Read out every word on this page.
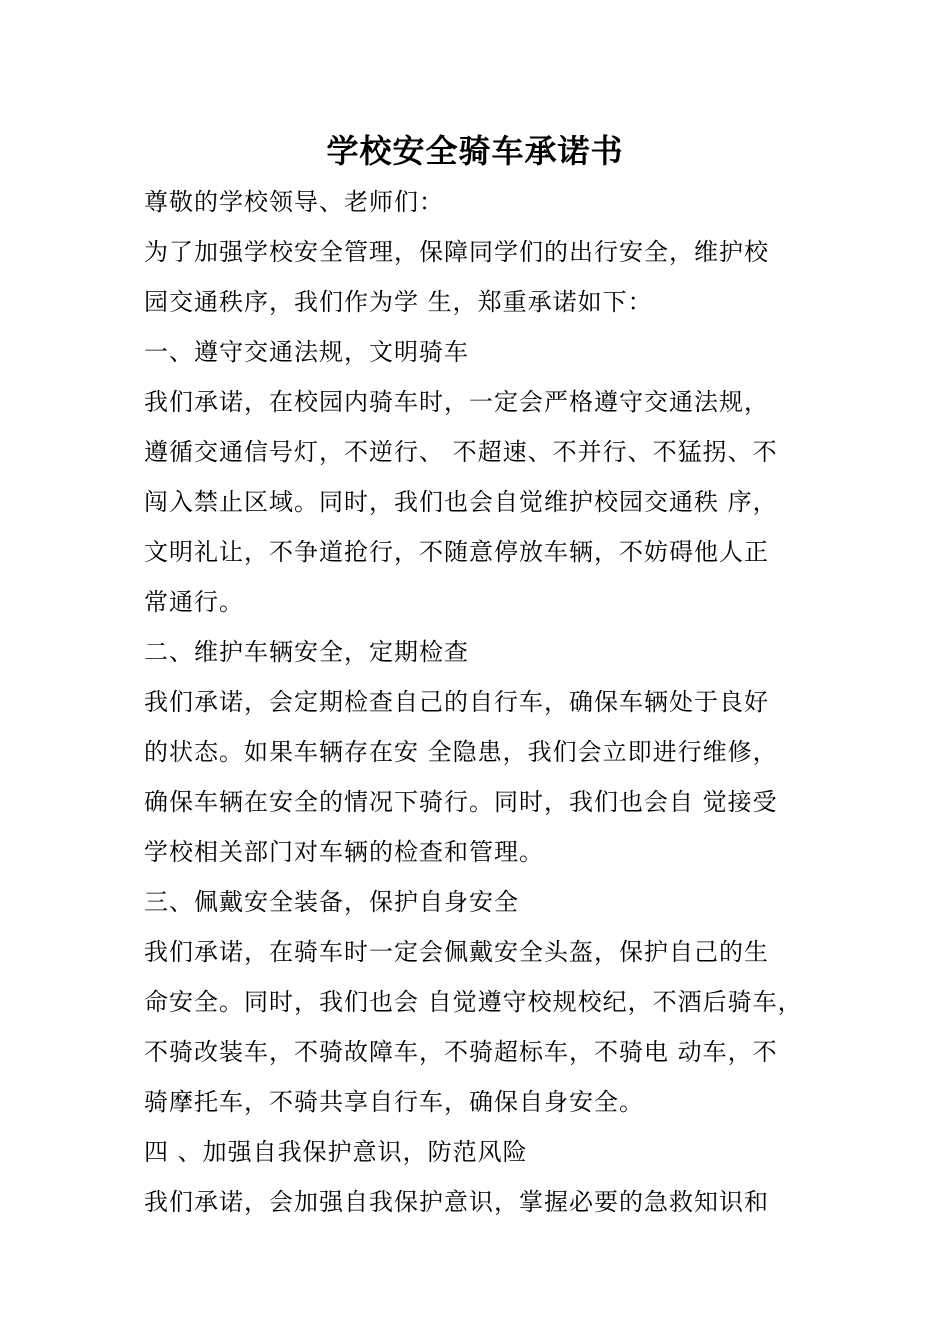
学校安全骑车承诺书
尊敬的学校领导、老师们：
为了加强学校安全管理，保障同学们的出行安全，维护校
园交通秩序，我们作为学 生，郑重承诺如下：
一、遵守交通法规，文明骑车
我们承诺，在校园内骑车时，一定会严格遵守交通法规，
遵循交通信号灯，不逆行、 不超速、不并行、不猛拐、不
闯入禁止区域。同时，我们也会自觉维护校园交通秩 序，
文明礼让，不争道抢行，不随意停放车辆，不妨碍他人正
常通行。
二、维护车辆安全，定期检查
我们承诺，会定期检查自己的自行车，确保车辆处于良好
的状态。如果车辆存在安 全隐患，我们会立即进行维修，
确保车辆在安全的情况下骑行。同时，我们也会自 觉接受
学校相关部门对车辆的检查和管理。
三、佩戴安全装备，保护自身安全
我们承诺，在骑车时一定会佩戴安全头盔，保护自己的生
命安全。同时，我们也会 自觉遵守校规校纪，不酒后骑车，
不骑改装车，不骑故障车，不骑超标车，不骑电 动车，不
骑摩托车，不骑共享自行车，确保自身安全。
四 、加强自我保护意识，防范风险
我们承诺，会加强自我保护意识，掌握必要的急救知识和
